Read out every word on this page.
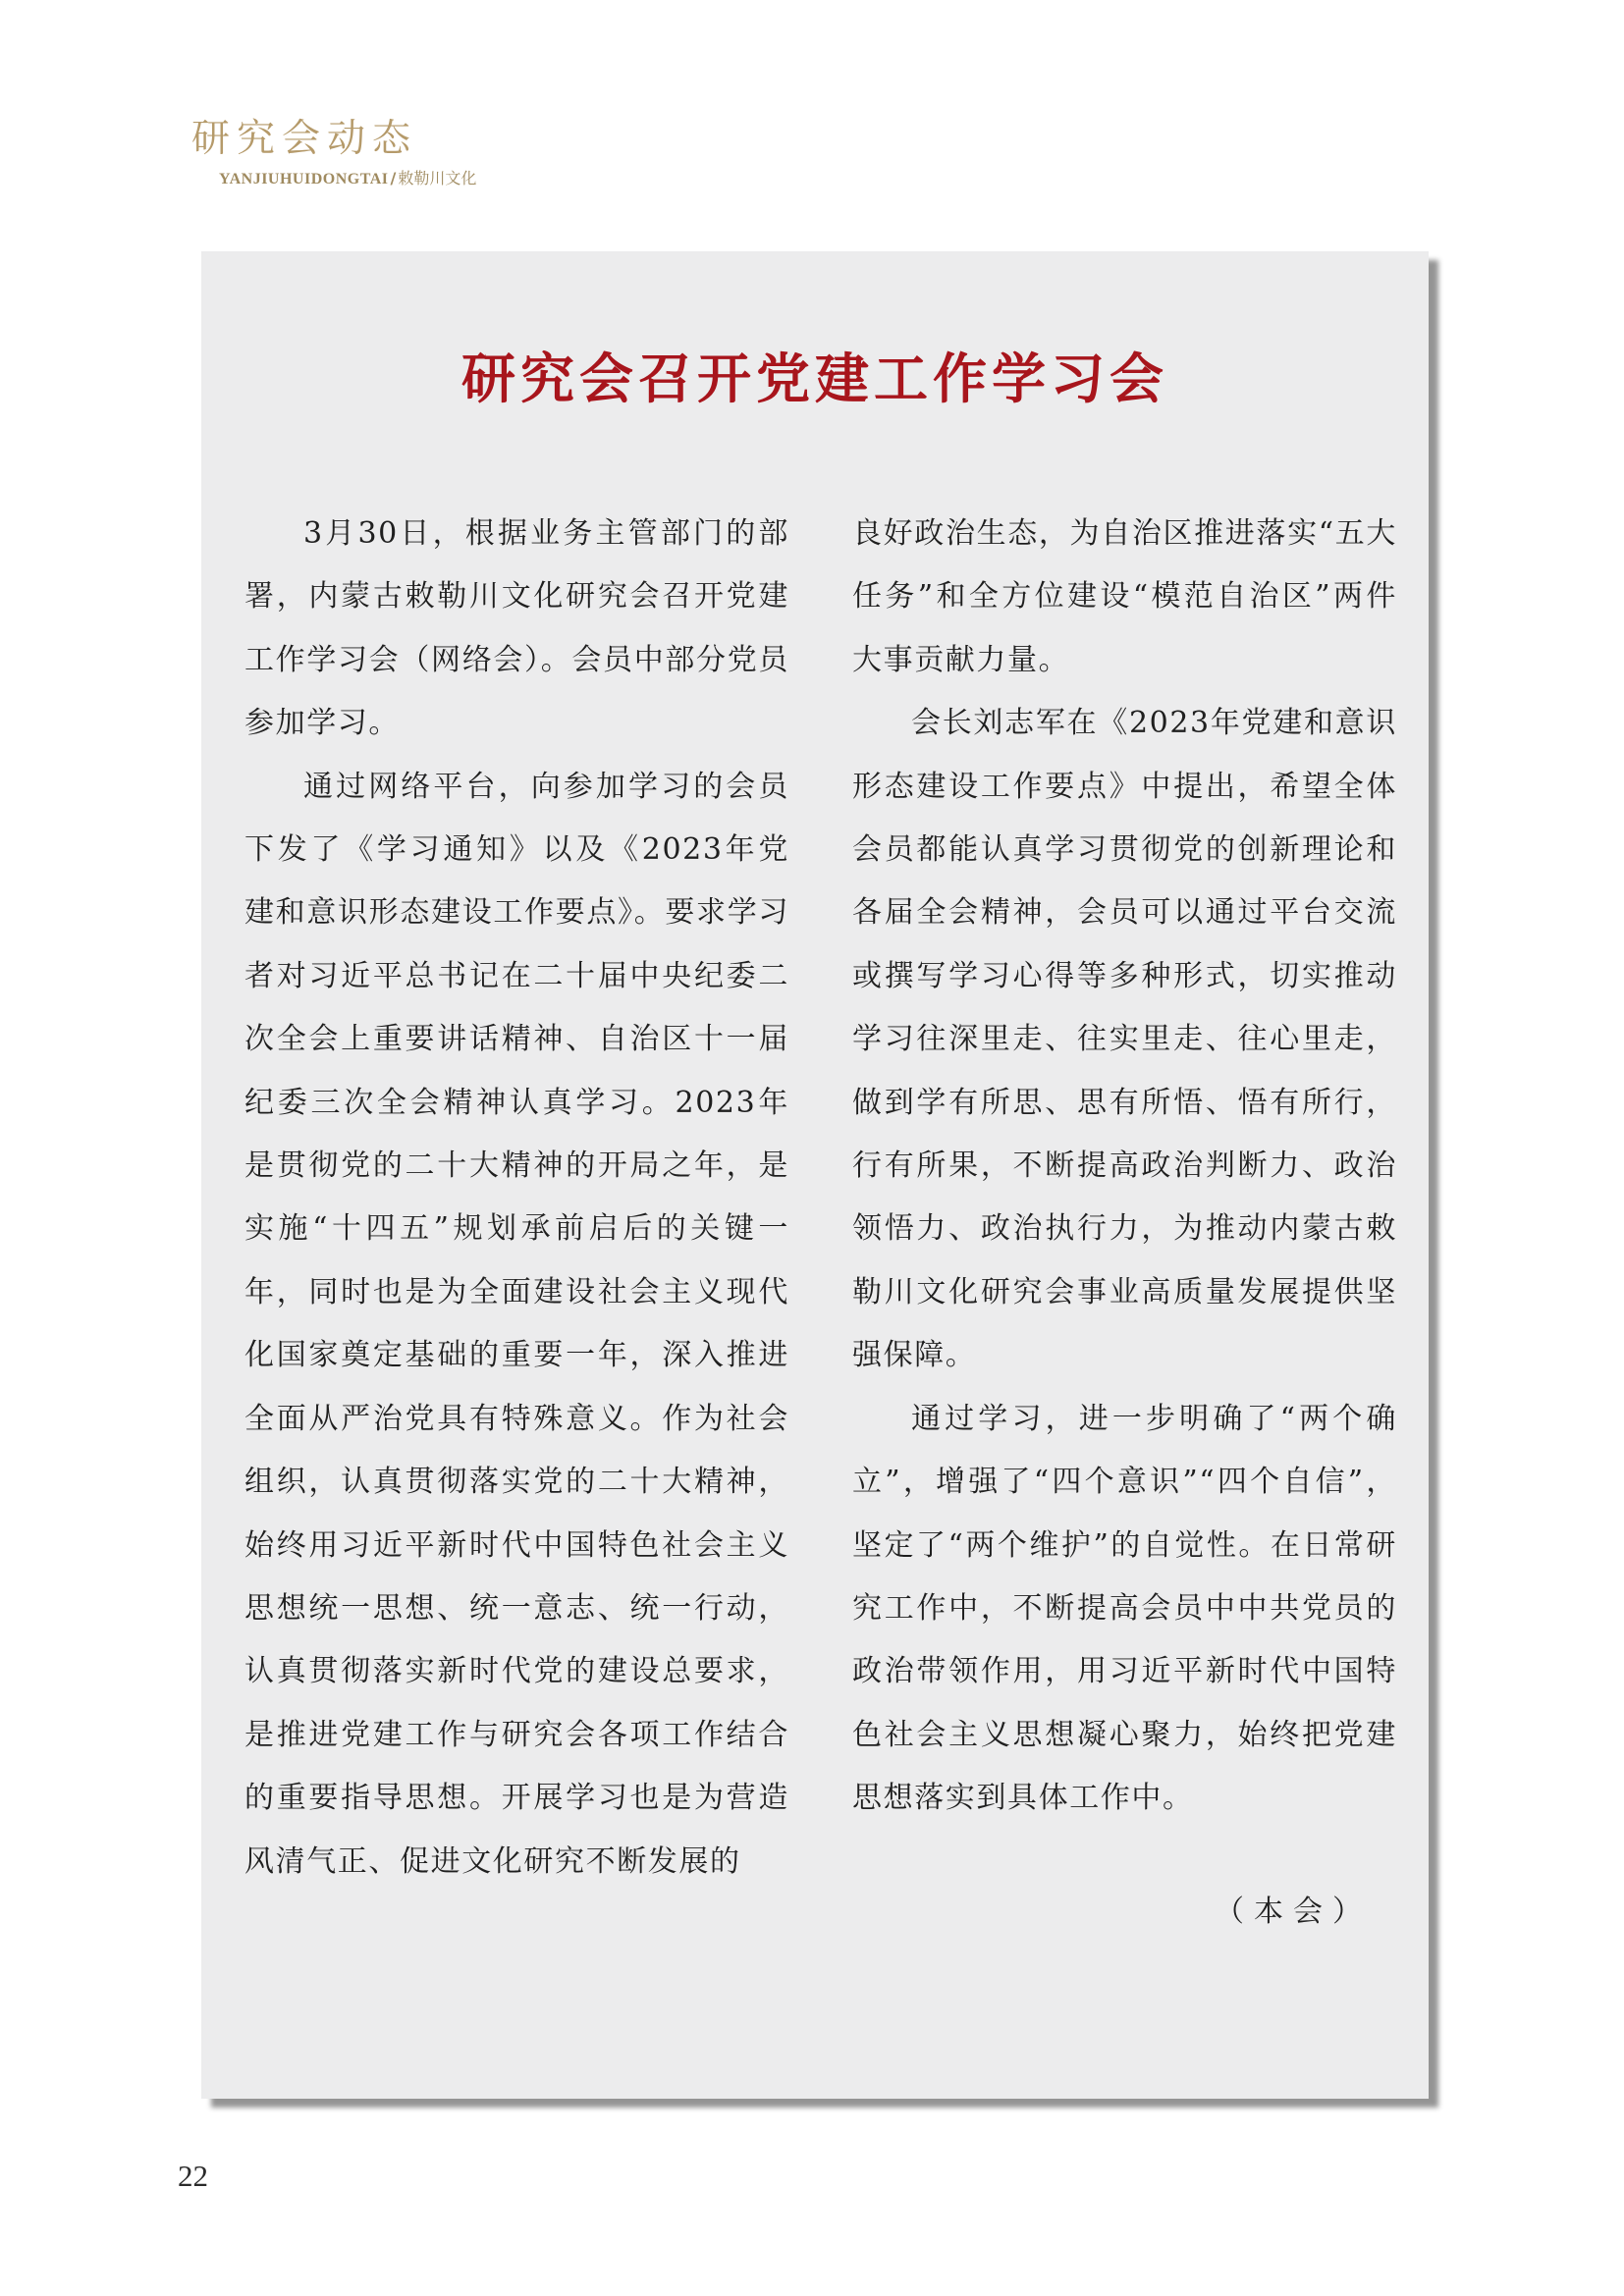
研究会动态
YANJIUHUIDONGTAI / 敕勒川文化
研究会召开党建工作学习会

3月30日，根据业务主管部门的部署，内蒙古敕勒川文化研究会召开党建工作学习会（网络会）。会员中部分党员参加学习。

通过网络平台，向参加学习的会员下发了《学习通知》以及《2023年党建和意识形态建设工作要点》。要求学习者对习近平总书记在二十届中央纪委二次全会上重要讲话精神、自治区十一届纪委三次全会精神认真学习。2023年是贯彻党的二十大精神的开局之年，是实施“十四五”规划承前启后的关键一年，同时也是为全面建设社会主义现代化国家奠定基础的重要一年，深入推进全面从严治党具有特殊意义。作为社会组织，认真贯彻落实党的二十大精神，始终用习近平新时代中国特色社会主义思想统一思想、统一意志、统一行动，认真贯彻落实新时代党的建设总要求，是推进党建工作与研究会各项工作结合的重要指导思想。开展学习也是为营造风清气正、促进文化研究不断发展的

良好政治生态，为自治区推进落实“五大任务”和全方位建设“模范自治区”两件大事贡献力量。

会长刘志军在《2023年党建和意识形态建设工作要点》中提出，希望全体会员都能认真学习贯彻党的创新理论和各届全会精神，会员可以通过平台交流或撰写学习心得等多种形式，切实推动学习往深里走、往实里走、往心里走，做到学有所思、思有所悟、悟有所行，行有所果，不断提高政治判断力、政治领悟力、政治执行力，为推动内蒙古敕勒川文化研究会事业高质量发展提供坚强保障。

通过学习，进一步明确了“两个确立”，增强了“四个意识”“四个自信”，坚定了“两个维护”的自觉性。在日常研究工作中，不断提高会员中中共党员的政治带领作用，用习近平新时代中国特色社会主义思想凝心聚力，始终把党建思想落实到具体工作中。

（本会）
22
